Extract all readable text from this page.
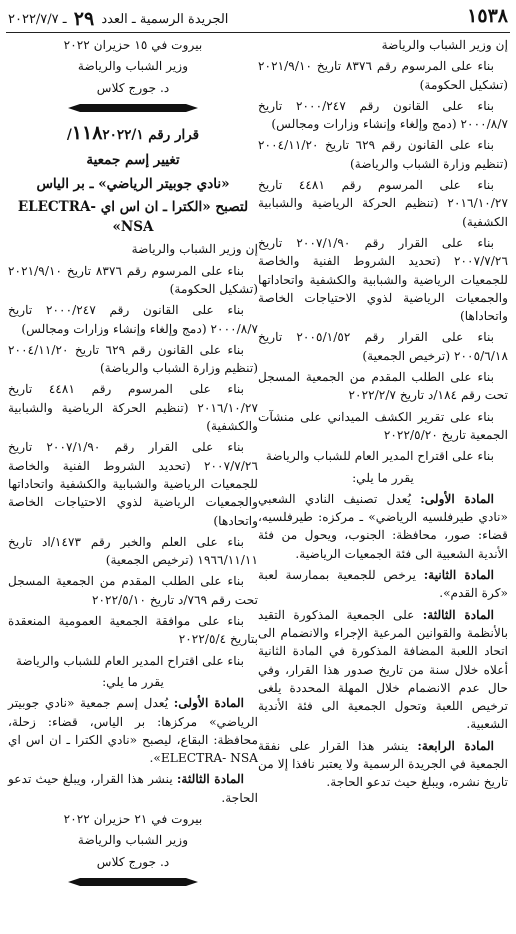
١٥٣٨
الجريدة الرسمية ـ العدد ٢٩ ـ ٢٠٢٢/٧/٧

إن وزير الشباب والرياضة

بناء على المرسوم رقم ٨٣٧٦ تاريخ ٢٠٢١/٩/١٠ (تشكيل الحكومة)

بناء على القانون رقم ٢٠٠٠/٢٤٧ تاريخ ٢٠٠٠/٨/٧ (دمج وإلغاء وإنشاء وزارات ومجالس)

بناء على القانون رقم ٦٢٩ تاريخ ٢٠٠٤/١١/٢٠ (تنظيم وزارة الشباب والرياضة)

بناء على المرسوم رقم ٤٤٨١ تاريخ ٢٠١٦/١٠/٢٧ (تنظيم الحركة الرياضية والشبابية الكشفية)

بناء على القرار رقم ٢٠٠٧/١/٩٠ تاريخ ٢٠٠٧/٧/٢٦ (تحديد الشروط الفنية والخاصة للجمعيات الرياضية والشبابية والكشفية واتحاداتها والجمعيات الرياضية لذوي الاحتياجات الخاصة واتحاداها)

بناء على القرار رقم ٢٠٠٥/١/٥٢ تاريخ ٢٠٠٥/٦/١٨ (ترخيص الجمعية)

بناء على الطلب المقدم من الجمعية المسجل تحت رقم ١٨٤/د تاريخ ٢٠٢٢/٢/٧

بناء على تقرير الكشف الميداني على منشآت الجمعية تاريخ ٢٠٢٢/٥/٢٠

بناء على اقتراح المدير العام للشباب والرياضة

يقرر ما يلي:

المادة الأولى: يُعدل تصنيف النادي الشعبي «نادي طيرفلسيه الرياضي» ـ مركزه: طيرفلسيه، قضاء: صور، محافظة: الجنوب، ويحول من فئة الأندية الشعبية الى فئة الجمعيات الرياضية.

المادة الثانية: يرخص للجمعية بممارسة لعبة «كرة القدم».

المادة الثالثة: على الجمعية المذكورة التقيد بالأنظمة والقوانين المرعية الإجراء والانضمام الى اتحاد اللعبة المضافة المذكورة في المادة الثانية أعلاه خلال سنة من تاريخ صدور هذا القرار، وفي حال عدم الانضمام خلال المهلة المحددة يلغى ترخيص اللعبة وتحول الجمعية الى فئة الأندية الشعبية.

المادة الرابعة: ينشر هذا القرار على نفقة الجمعية في الجريدة الرسمية ولا يعتبر نافذا إلا من تاريخ نشره، ويبلغ حيث تدعو الحاجة.

بيروت في ١٥ حزيران ٢٠٢٢

وزير الشباب والرياضة

د. جورج كلاس

قرار رقم ١١٨٢٠٢٢/١/

تغيير إسم جمعية

«نادي جوبيتر الرياضي» ـ بر الياس

لتصبح «الكترا ـ ان اس اي ELECTRA- NSA»

إن وزير الشباب والرياضة

بناء على المرسوم رقم ٨٣٧٦ تاريخ ٢٠٢١/٩/١٠ (تشكيل الحكومة)

بناء على القانون رقم ٢٠٠٠/٢٤٧ تاريخ ٢٠٠٠/٨/٧ (دمج وإلغاء وإنشاء وزارات ومجالس)

بناء على القانون رقم ٦٢٩ تاريخ ٢٠٠٤/١١/٢٠ (تنظيم وزارة الشباب والرياضة)

بناء على المرسوم رقم ٤٤٨١ تاريخ ٢٠١٦/١٠/٢٧ (تنظيم الحركة الرياضية والشبابية والكشفية)

بناء على القرار رقم ٢٠٠٧/١/٩٠ تاريخ ٢٠٠٧/٧/٢٦ (تحديد الشروط الفنية والخاصة للجمعيات الرياضية والشبابية والكشفية واتحاداتها والجمعيات الرياضية لذوي الاحتياجات الخاصة واتحادها)

بناء على العلم والخبر رقم ١٤٧٣/اد تاريخ ١٩٦٦/١١/١١ (ترخيص الجمعية)

بناء على الطلب المقدم من الجمعية المسجل تحت رقم ٧٦٩/د تاريخ ٢٠٢٢/٥/١٠

بناء على موافقة الجمعية العمومية المنعقدة بتاريخ ٢٠٢٢/٥/٤

بناء على اقتراح المدير العام للشباب والرياضة

يقرر ما يلي:

المادة الأولى: يُعدل إسم جمعية «نادي جوبيتر الرياضي» مركزها: بر الياس، قضاء: زحلة، محافظة: البقاع، ليصبح «نادي الكترا ـ ان اس اي ELECTRA- NSA».

المادة الثالثة: ينشر هذا القرار، ويبلغ حيث تدعو الحاجة.

بيروت في ٢١ حزيران ٢٠٢٢

وزير الشباب والرياضة

د. جورج كلاس
